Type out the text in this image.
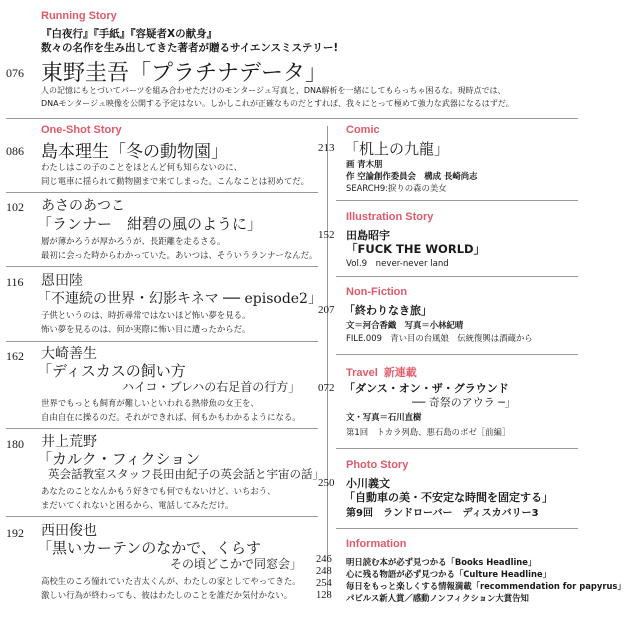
Running Story
『白夜行』『手紙』『容疑者Xの献身』
数々の名作を生み出してきた著者が贈るサイエンスミステリー!
076 東野圭吾「プラチナデータ」
人の記憶にもとづいてパーツを組み合わせただけのモンタージュ写真と、DNA解析を一緒にしてもらっちゃ困るな。現時点では、
DNAモンタージュ映像を公開する予定はない。しかしこれが正確なものだとすれば、我々にとって極めて強力な武器になるはずだ。
One-Shot Story
086 島本理生「冬の動物園」
わたしはこの子のことをほとんど何も知らないのに、
同じ電車に揺られて動物園まで来てしまった。こんなことは初めてだ。
102 あさのあつこ
「ランナー　紺碧の風のように」
層が薄かろうが厚かろうが、長距離を走るさる。
最初に会った時からわかっていた。あいつは、そういうランナーなんだ。
116 恩田陸
「不連続の世界・幻影キネマ ── episode2」
子供というのは、時折尋常ではないほど怖い夢を見る。
怖い夢を見るのは、何か実際に怖い目に遭ったからだ。
162 大崎善生
「ディスカスの飼い方
ハイコ・ブレハの右足首の行方」
世界でもっとも飼育が難しいといわれる熱帯魚の女王を、
自由自在に操るのだ。それができれば、何もかもわかるようになる。
180 井上荒野
「カルク・フィクション
英会話教室スタッフ長田由紀子の英会話と宇宙の話」
あなたのことなんかもう好きでも何でもないけど、いちおう、
まだいてくれないと困るから、電話してみただけ。
192 西田俊也
「黒いカーテンのなかで、くらす
その頃どこかで同窓会」
高校生のころ憧れていた吉太くんが、わたしの家としてやってきた。
激しい行為が終わっても、彼はわたしのことを誰だか気付かない。
Comic
213 「机上の九龍」
画 青木朋
作 空論創作委員会　構成 長崎尚志
SEARCH9:捩りの森の美女
Illustration Story
152 田島昭宇
「FUCK THE WORLD」
Vol.9　never-never land
Non-Fiction
207 「終わりなき旅」
文＝河合香織　写真＝小林紀晴
FILE.009　青い目の台風娘　伝統復興は酒蔵から
Travel 新連載
072 「ダンス・オン・ザ・グラウンド
── 奇祭のアウラ ─」
文・写真＝石川直樹
第1回　トカラ列島、悪石島のボゼ［前編］
Photo Story
250 小川義文
「自動車の美・不安定な時間を固定する」
第9回　ランドローバー　ディスカバリー3
Information
246 明日読む本が必ず見つかる「Books Headline」
248 心に残る物語が必ず見つかる「Culture Headline」
254 毎日をもっと楽しくする情報満載「recommendation for papyrus」
128 パピルス新人賞／感動ノンフィクション大賞告知
